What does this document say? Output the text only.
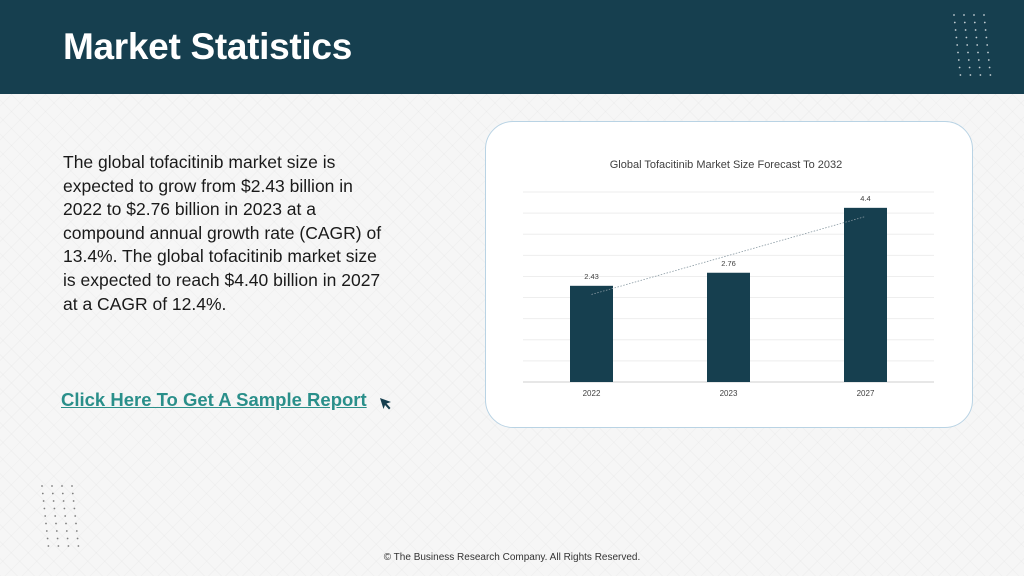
Market Statistics
The global tofacitinib market size is expected to grow from $2.43 billion in 2022 to $2.76 billion in 2023 at a compound annual growth rate (CAGR) of 13.4%. The global tofacitinib market size is expected to reach $4.40 billion in 2027 at a CAGR of 12.4%.
Click Here To Get A Sample Report
Global Tofacitinib Market Size Forecast To 2032
2.43
2022
2.76
2023
4.4
2027
© The Business Research Company. All Rights Reserved.
